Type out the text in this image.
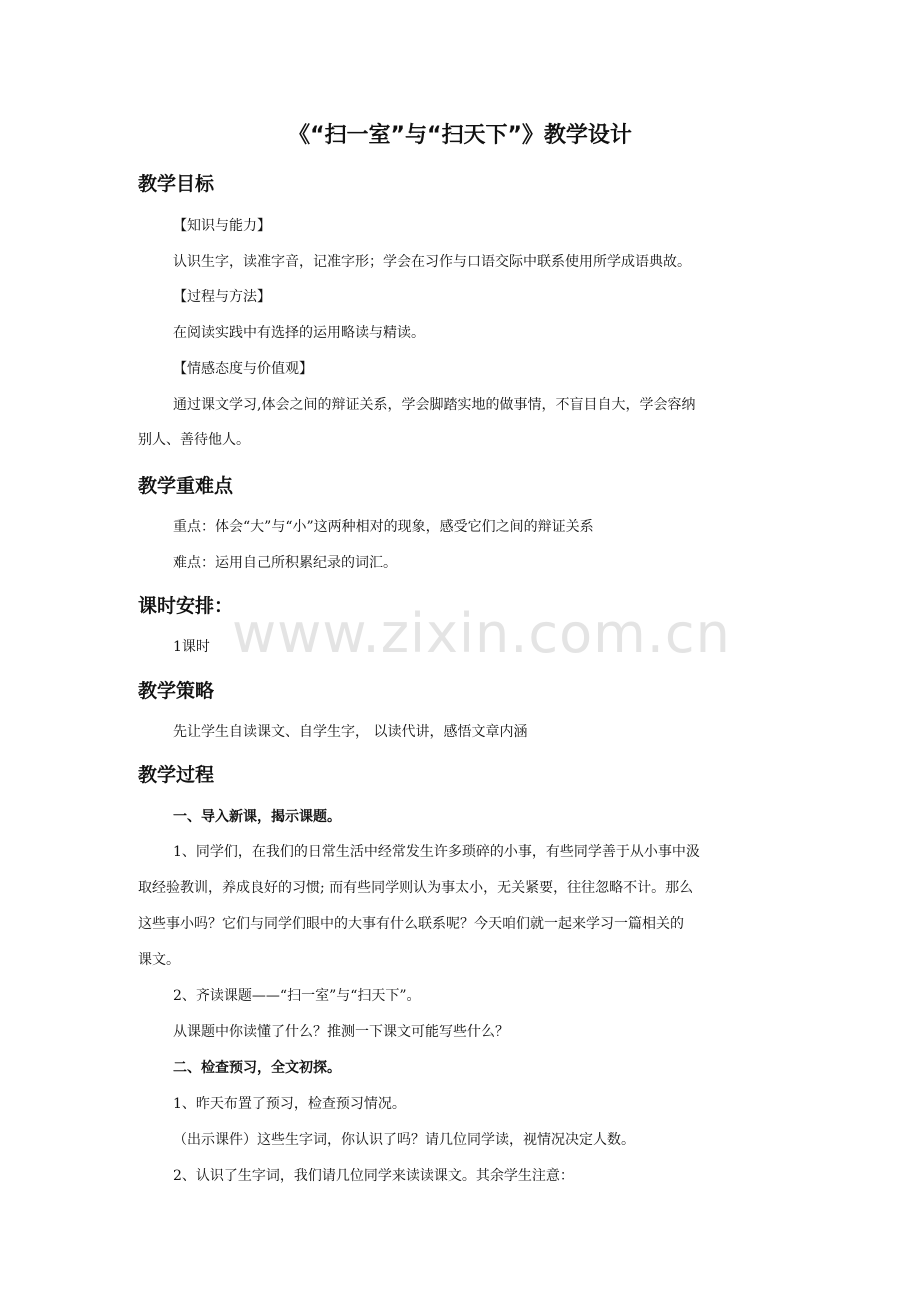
www.zixin.com.cn
《“扫一室”与“扫天下”》教学设计
教学目标
【知识与能力】
认识生字，读准字音，记准字形；学会在习作与口语交际中联系使用所学成语典故。
【过程与方法】
在阅读实践中有选择的运用略读与精读。
【情感态度与价值观】
通过课文学习,体会之间的辩证关系，学会脚踏实地的做事情，不盲目自大，学会容纳
别人、善待他人。
教学重难点
重点：体会“大”与“小”这两种相对的现象，感受它们之间的辩证关系
难点：运用自己所积累纪录的词汇。
课时安排：
1课时
教学策略
先让学生自读课文、自学生字， 以读代讲，感悟文章内涵
教学过程
一、导入新课，揭示课题。
1、同学们，在我们的日常生活中经常发生许多琐碎的小事，有些同学善于从小事中汲
取经验教训，养成良好的习惯; 而有些同学则认为事太小，无关紧要，往往忽略不计。那么
这些事小吗？它们与同学们眼中的大事有什么联系呢？今天咱们就一起来学习一篇相关的
课文。
2、齐读课题——“扫一室”与“扫天下”。
从课题中你读懂了什么？推测一下课文可能写些什么？
二、检查预习，全文初探。
1、昨天布置了预习，检查预习情况。
（出示课件）这些生字词，你认识了吗？请几位同学读，视情况决定人数。
2、认识了生字词，我们请几位同学来读读课文。其余学生注意：
